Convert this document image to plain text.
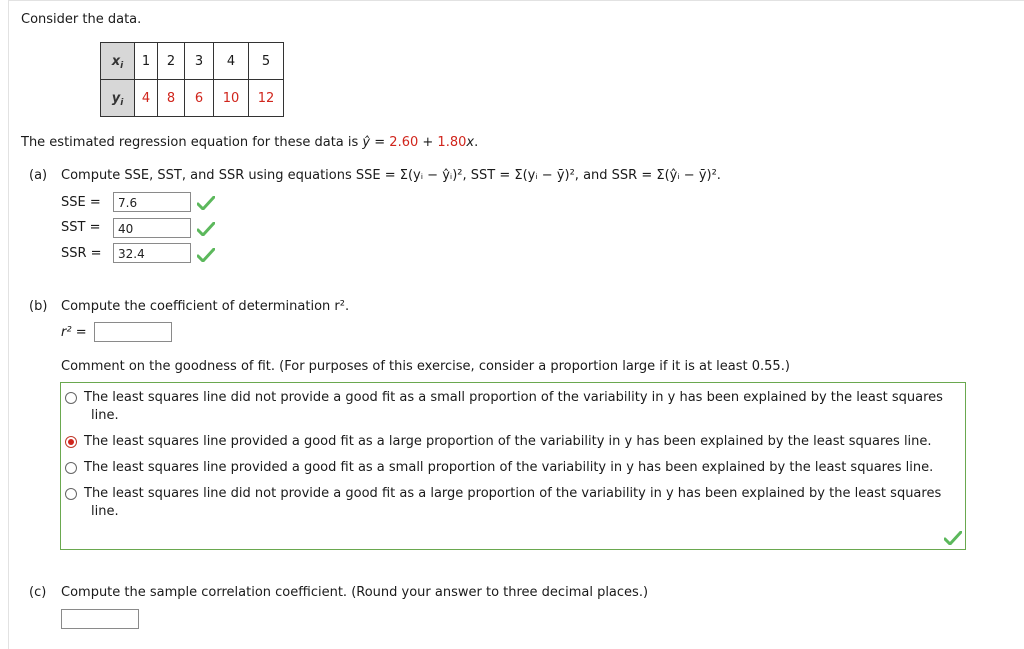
Consider the data.
$x_i$	1	2	3	4	5
$y_i$	4	8	6	10	12
The estimated regression equation for these data is ŷ = 2.60 + 1.80x.
(a) Compute SSE, SST, and SSR using equations SSE = Σ(yᵢ − ŷᵢ)², SST = Σ(yᵢ − ȳ)², and SSR = Σ(ŷᵢ − ȳ)².
SSE =	7.6
SST =	40
SSR =	32.4
(b) Compute the coefficient of determination r².
r² =
Comment on the goodness of fit. (For purposes of this exercise, consider a proportion large if it is at least 0.55.)
The least squares line did not provide a good fit as a small proportion of the variability in y has been explained by the least squares
line.
The least squares line provided a good fit as a large proportion of the variability in y has been explained by the least squares line.
The least squares line provided a good fit as a small proportion of the variability in y has been explained by the least squares line.
The least squares line did not provide a good fit as a large proportion of the variability in y has been explained by the least squares
line.
(c) Compute the sample correlation coefficient. (Round your answer to three decimal places.)
